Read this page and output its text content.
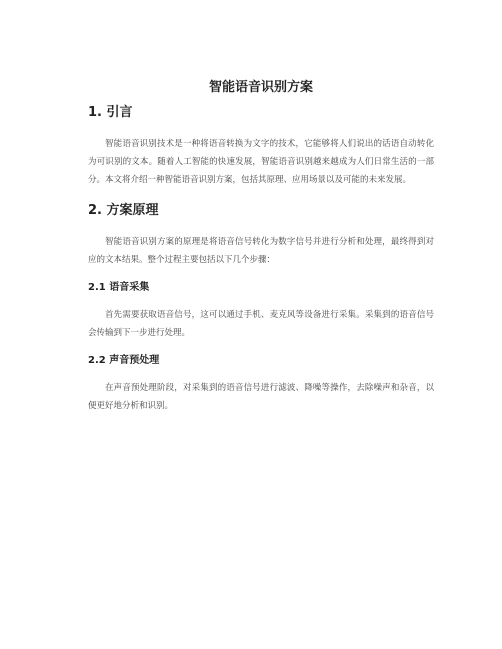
智能语音识别方案
1. 引言

智能语音识别技术是一种将语音转换为文字的技术，它能够将人们说出的话语自动转化为可识别的文本。随着人工智能的快速发展，智能语音识别越来越成为人们日常生活的一部分。本文将介绍一种智能语音识别方案，包括其原理、应用场景以及可能的未来发展。

2. 方案原理

智能语音识别方案的原理是将语音信号转化为数字信号并进行分析和处理，最终得到对应的文本结果。整个过程主要包括以下几个步骤：

2.1 语音采集

首先需要获取语音信号，这可以通过手机、麦克风等设备进行采集。采集到的语音信号会传输到下一步进行处理。

2.2 声音预处理

在声音预处理阶段，对采集到的语音信号进行滤波、降噪等操作，去除噪声和杂音，以便更好地分析和识别。
